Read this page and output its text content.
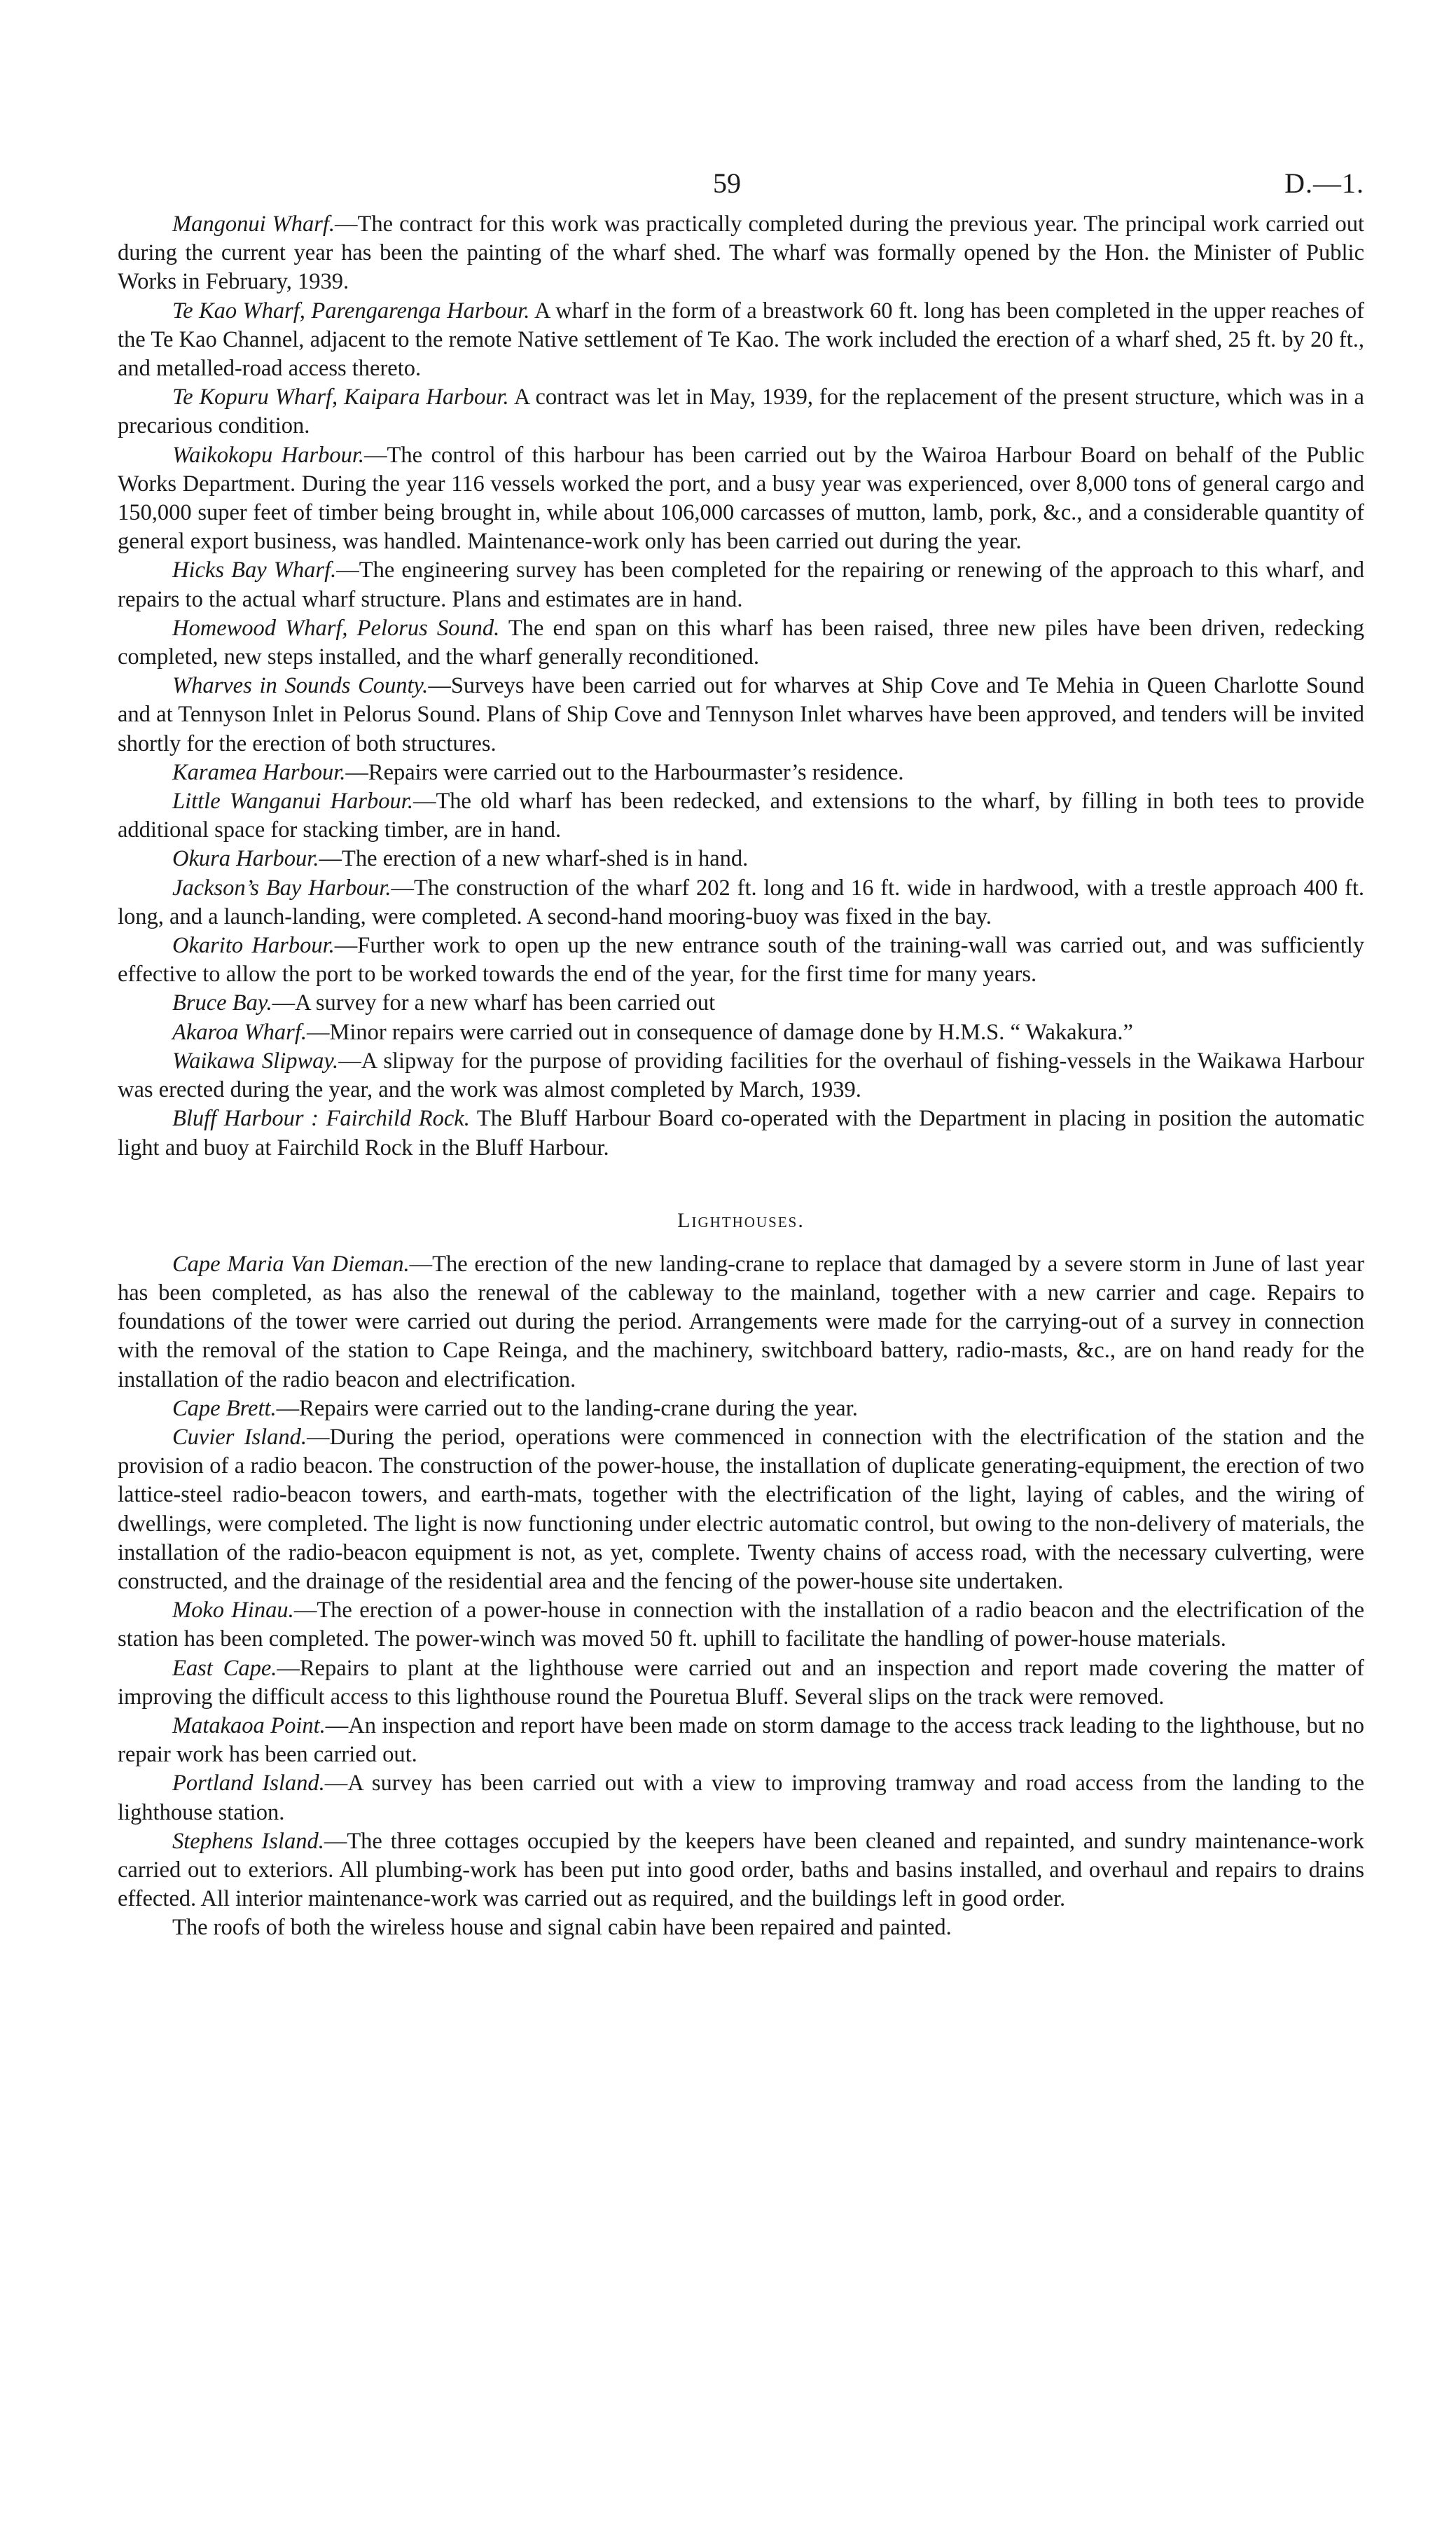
59	D.—1.

Mangonui Wharf.—The contract for this work was practically completed during the previous year. The principal work carried out during the current year has been the painting of the wharf shed. The wharf was formally opened by the Hon. the Minister of Public Works in February, 1939.

Te Kao Wharf, Parengarenga Harbour. A wharf in the form of a breastwork 60 ft. long has been completed in the upper reaches of the Te Kao Channel, adjacent to the remote Native settlement of Te Kao. The work included the erection of a wharf shed, 25 ft. by 20 ft., and metalled-road access thereto.

Te Kopuru Wharf, Kaipara Harbour. A contract was let in May, 1939, for the replacement of the present structure, which was in a precarious condition.

Waikokopu Harbour.—The control of this harbour has been carried out by the Wairoa Harbour Board on behalf of the Public Works Department. During the year 116 vessels worked the port, and a busy year was experienced, over 8,000 tons of general cargo and 150,000 super feet of timber being brought in, while about 106,000 carcasses of mutton, lamb, pork, &c., and a considerable quantity of general export business, was handled. Maintenance-work only has been carried out during the year.

Hicks Bay Wharf.—The engineering survey has been completed for the repairing or renewing of the approach to this wharf, and repairs to the actual wharf structure. Plans and estimates are in hand.

Homewood Wharf, Pelorus Sound. The end span on this wharf has been raised, three new piles have been driven, redecking completed, new steps installed, and the wharf generally reconditioned.

Wharves in Sounds County.—Surveys have been carried out for wharves at Ship Cove and Te Mehia in Queen Charlotte Sound and at Tennyson Inlet in Pelorus Sound. Plans of Ship Cove and Tennyson Inlet wharves have been approved, and tenders will be invited shortly for the erection of both structures.

Karamea Harbour.—Repairs were carried out to the Harbourmaster’s residence.

Little Wanganui Harbour.—The old wharf has been redecked, and extensions to the wharf, by filling in both tees to provide additional space for stacking timber, are in hand.

Okura Harbour.—The erection of a new wharf-shed is in hand.

Jackson’s Bay Harbour.—The construction of the wharf 202 ft. long and 16 ft. wide in hardwood, with a trestle approach 400 ft. long, and a launch-landing, were completed. A second-hand mooring-buoy was fixed in the bay.

Okarito Harbour.—Further work to open up the new entrance south of the training-wall was carried out, and was sufficiently effective to allow the port to be worked towards the end of the year, for the first time for many years.

Bruce Bay.—A survey for a new wharf has been carried out

Akaroa Wharf.—Minor repairs were carried out in consequence of damage done by H.M.S. “ Wakakura.”

Waikawa Slipway.—A slipway for the purpose of providing facilities for the overhaul of fishing-vessels in the Waikawa Harbour was erected during the year, and the work was almost completed by March, 1939.

Bluff Harbour : Fairchild Rock. The Bluff Harbour Board co-operated with the Department in placing in position the automatic light and buoy at Fairchild Rock in the Bluff Harbour.

Lighthouses.

Cape Maria Van Dieman.—The erection of the new landing-crane to replace that damaged by a severe storm in June of last year has been completed, as has also the renewal of the cableway to the mainland, together with a new carrier and cage. Repairs to foundations of the tower were carried out during the period. Arrangements were made for the carrying-out of a survey in connection with the removal of the station to Cape Reinga, and the machinery, switchboard battery, radio-masts, &c., are on hand ready for the installation of the radio beacon and electrification.

Cape Brett.—Repairs were carried out to the landing-crane during the year.

Cuvier Island.—During the period, operations were commenced in connection with the electrification of the station and the provision of a radio beacon. The construction of the power-house, the installation of duplicate generating-equipment, the erection of two lattice-steel radio-beacon towers, and earth-mats, together with the electrification of the light, laying of cables, and the wiring of dwellings, were completed. The light is now functioning under electric automatic control, but owing to the non-delivery of materials, the installation of the radio-beacon equipment is not, as yet, complete. Twenty chains of access road, with the necessary culverting, were constructed, and the drainage of the residential area and the fencing of the power-house site undertaken.

Moko Hinau.—The erection of a power-house in connection with the installation of a radio beacon and the electrification of the station has been completed. The power-winch was moved 50 ft. uphill to facilitate the handling of power-house materials.

East Cape.—Repairs to plant at the lighthouse were carried out and an inspection and report made covering the matter of improving the difficult access to this lighthouse round the Pouretua Bluff. Several slips on the track were removed.

Matakaoa Point.—An inspection and report have been made on storm damage to the access track leading to the lighthouse, but no repair work has been carried out.

Portland Island.—A survey has been carried out with a view to improving tramway and road access from the landing to the lighthouse station.

Stephens Island.—The three cottages occupied by the keepers have been cleaned and repainted, and sundry maintenance-work carried out to exteriors. All plumbing-work has been put into good order, baths and basins installed, and overhaul and repairs to drains effected. All interior maintenance-work was carried out as required, and the buildings left in good order.

The roofs of both the wireless house and signal cabin have been repaired and painted.
